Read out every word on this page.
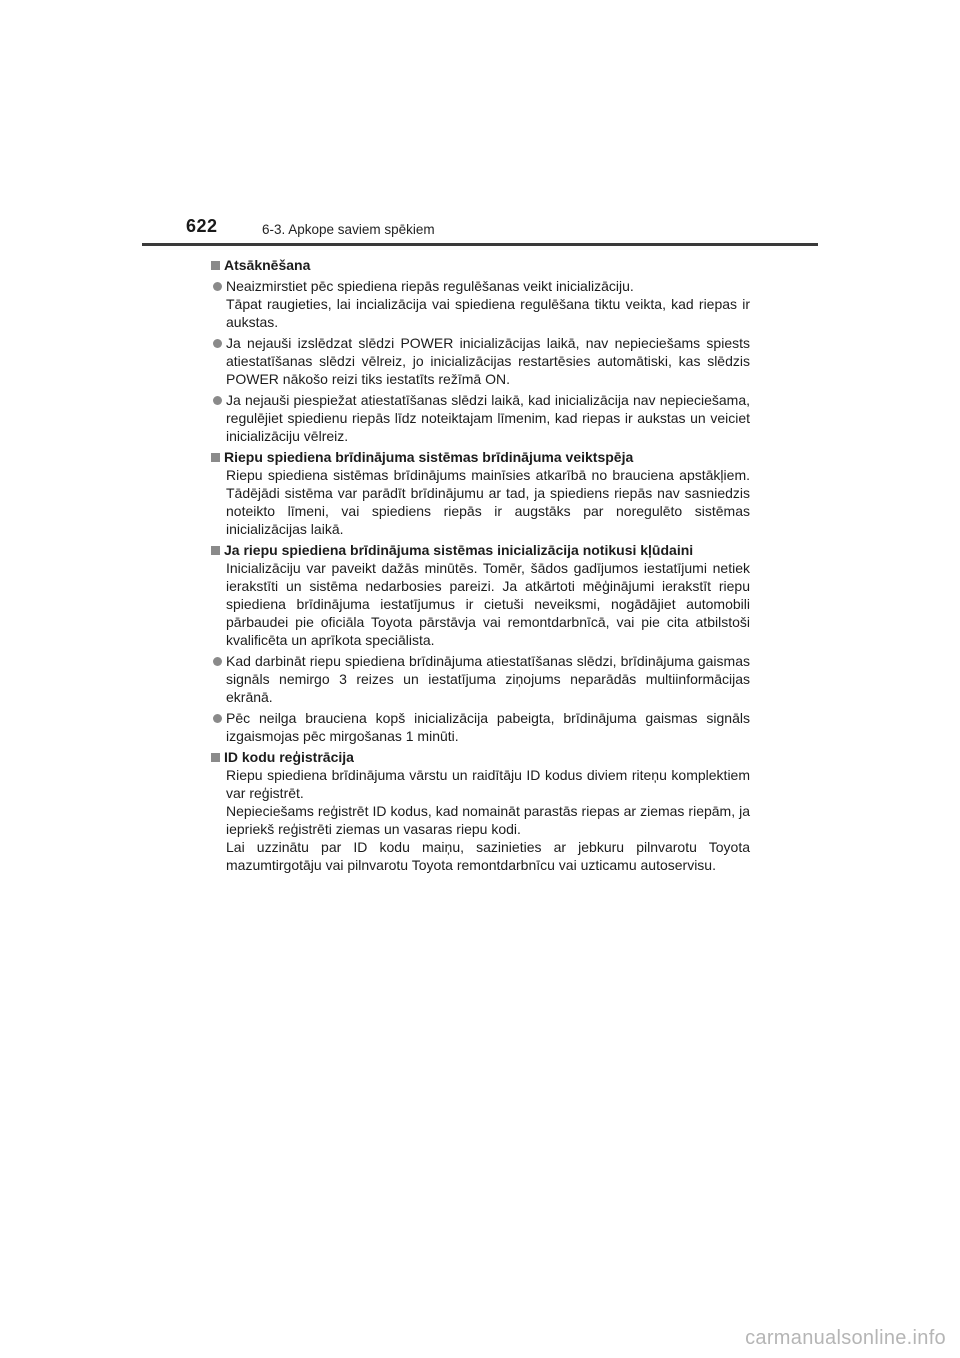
622	6-3. Apkope saviem spēkiem
Atsāknēšana
Neaizmirstiet pēc spiediena riepās regulēšanas veikt inicializāciju.
Tāpat raugieties, lai incializācija vai spiediena regulēšana tiktu veikta, kad riepas ir aukstas.
Ja nejauši izslēdzat slēdzi POWER inicializācijas laikā, nav nepieciešams spiests atiestatīšanas slēdzi vēlreiz, jo inicializācijas restartēsies automātiski, kas slēdzis POWER nākošo reizi tiks iestatīts režīmā ON.
Ja nejauši piespiežat atiestatīšanas slēdzi laikā, kad inicializācija nav nepieciešama, regulējiet spiedienu riepās līdz noteiktajam līmenim, kad riepas ir aukstas un veiciet inicializāciju vēlreiz.
Riepu spiediena brīdinājuma sistēmas brīdinājuma veiktspēja
Riepu spiediena sistēmas brīdinājums mainīsies atkarībā no brauciena apstākļiem. Tādējādi sistēma var parādīt brīdinājumu ar tad, ja spiediens riepās nav sasniedzis noteikto līmeni, vai spiediens riepās ir augstāks par noregulēto sistēmas inicializācijas laikā.
Ja riepu spiediena brīdinājuma sistēmas inicializācija notikusi kļūdaini
Inicializāciju var paveikt dažās minūtēs. Tomēr, šādos gadījumos iestatījumi netiek ierakstīti un sistēma nedarbosies pareizi. Ja atkārtoti mēģinājumi ierakstīt riepu spiediena brīdinājuma iestatījumus ir cietuši neveiksmi, nogādājiet automobili pārbaudei pie oficiāla Toyota pārstāvja vai remontdarbnīcā, vai pie cita atbilstoši kvalificēta un aprīkota speciālista.
Kad darbināt riepu spiediena brīdinājuma atiestatīšanas slēdzi, brīdinājuma gaismas signāls nemirgo 3 reizes un iestatījuma ziņojums neparādās multiinformācijas ekrānā.
Pēc neilga brauciena kopš inicializācija pabeigta, brīdinājuma gaismas signāls izgaismojas pēc mirgošanas 1 minūti.
ID kodu reģistrācija
Riepu spiediena brīdinājuma vārstu un raidītāju ID kodus diviem riteņu komplektiem var reģistrēt.
Nepieciešams reģistrēt ID kodus, kad nomaināt parastās riepas ar ziemas riepām, ja iepriekš reģistrēti ziemas un vasaras riepu kodi.
Lai uzzinātu par ID kodu maiņu, sazinieties ar jebkuru pilnvarotu Toyota mazumtirgotāju vai pilnvarotu Toyota remontdarbnīcu vai uzticamu autoservisu.
carmanualsonline.info
